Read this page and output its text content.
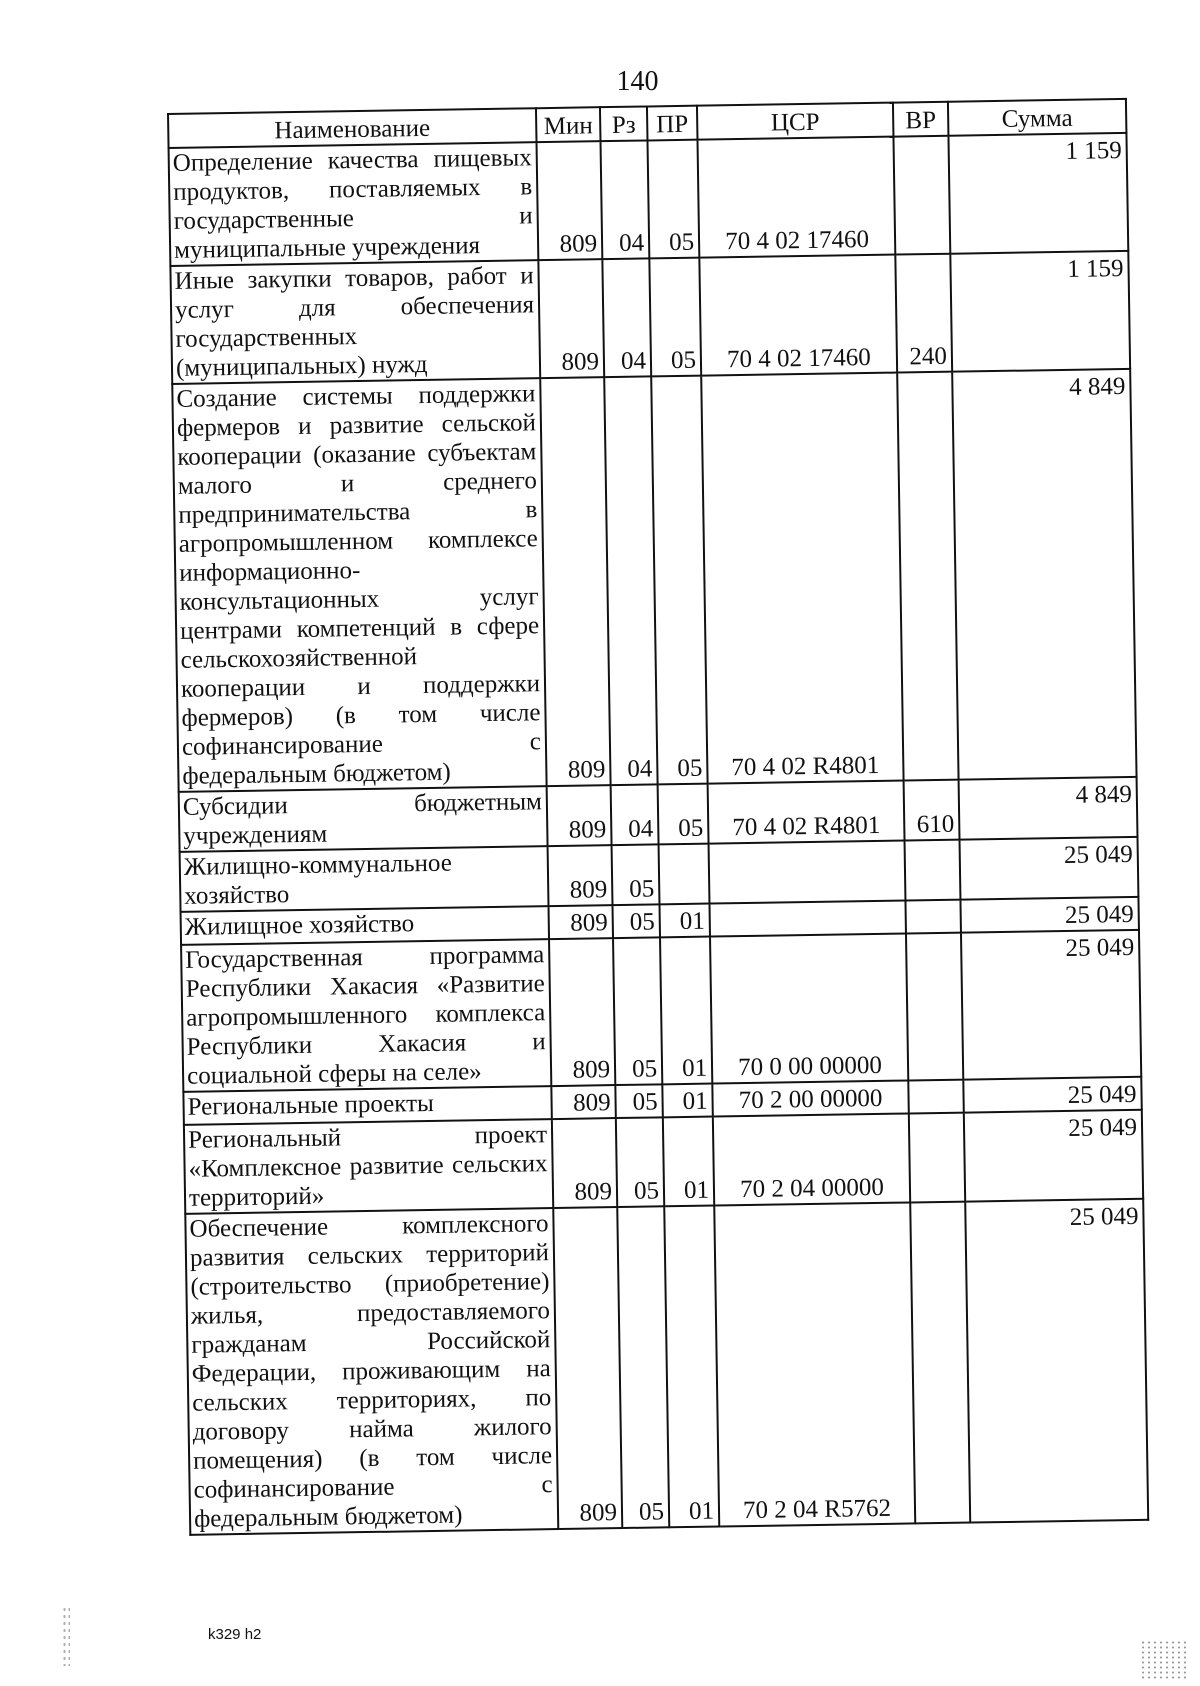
140
Наименование	Мин	Рз	ПР	ЦСР	ВР	Сумма
Определение качества пищевых продуктов, поставляемых в государственные и муниципальные учреждения	809	04	05	70 4 02 17460		1 159
Иные закупки товаров, работ и услуг для обеспечения государственных (муниципальных) нужд	809	04	05	70 4 02 17460	240	1 159
Создание системы поддержки фермеров и развитие сельской кооперации (оказание субъектам малого и среднего предпринимательства в агропромышленном комплексе информационно-консультационных услуг центрами компетенций в сфере сельскохозяйственной кооперации и поддержки фермеров) (в том числе софинансирование с федеральным бюджетом)	809	04	05	70 4 02 R4801		4 849
Субсидии бюджетным учреждениям	809	04	05	70 4 02 R4801	610	4 849
Жилищно-коммунальное хозяйство	809	05				25 049
Жилищное хозяйство	809	05	01			25 049
Государственная программа Республики Хакасия «Развитие агропромышленного комплекса Республики Хакасия и социальной сферы на селе»	809	05	01	70 0 00 00000		25 049
Региональные проекты	809	05	01	70 2 00 00000		25 049
Региональный проект «Комплексное развитие сельских территорий»	809	05	01	70 2 04 00000		25 049
Обеспечение комплексного развития сельских территорий (строительство (приобретение) жилья, предоставляемого гражданам Российской Федерации, проживающим на сельских территориях, по договору найма жилого помещения) (в том числе софинансирование с федеральным бюджетом)	809	05	01	70 2 04 R5762		25 049
k329 h2
